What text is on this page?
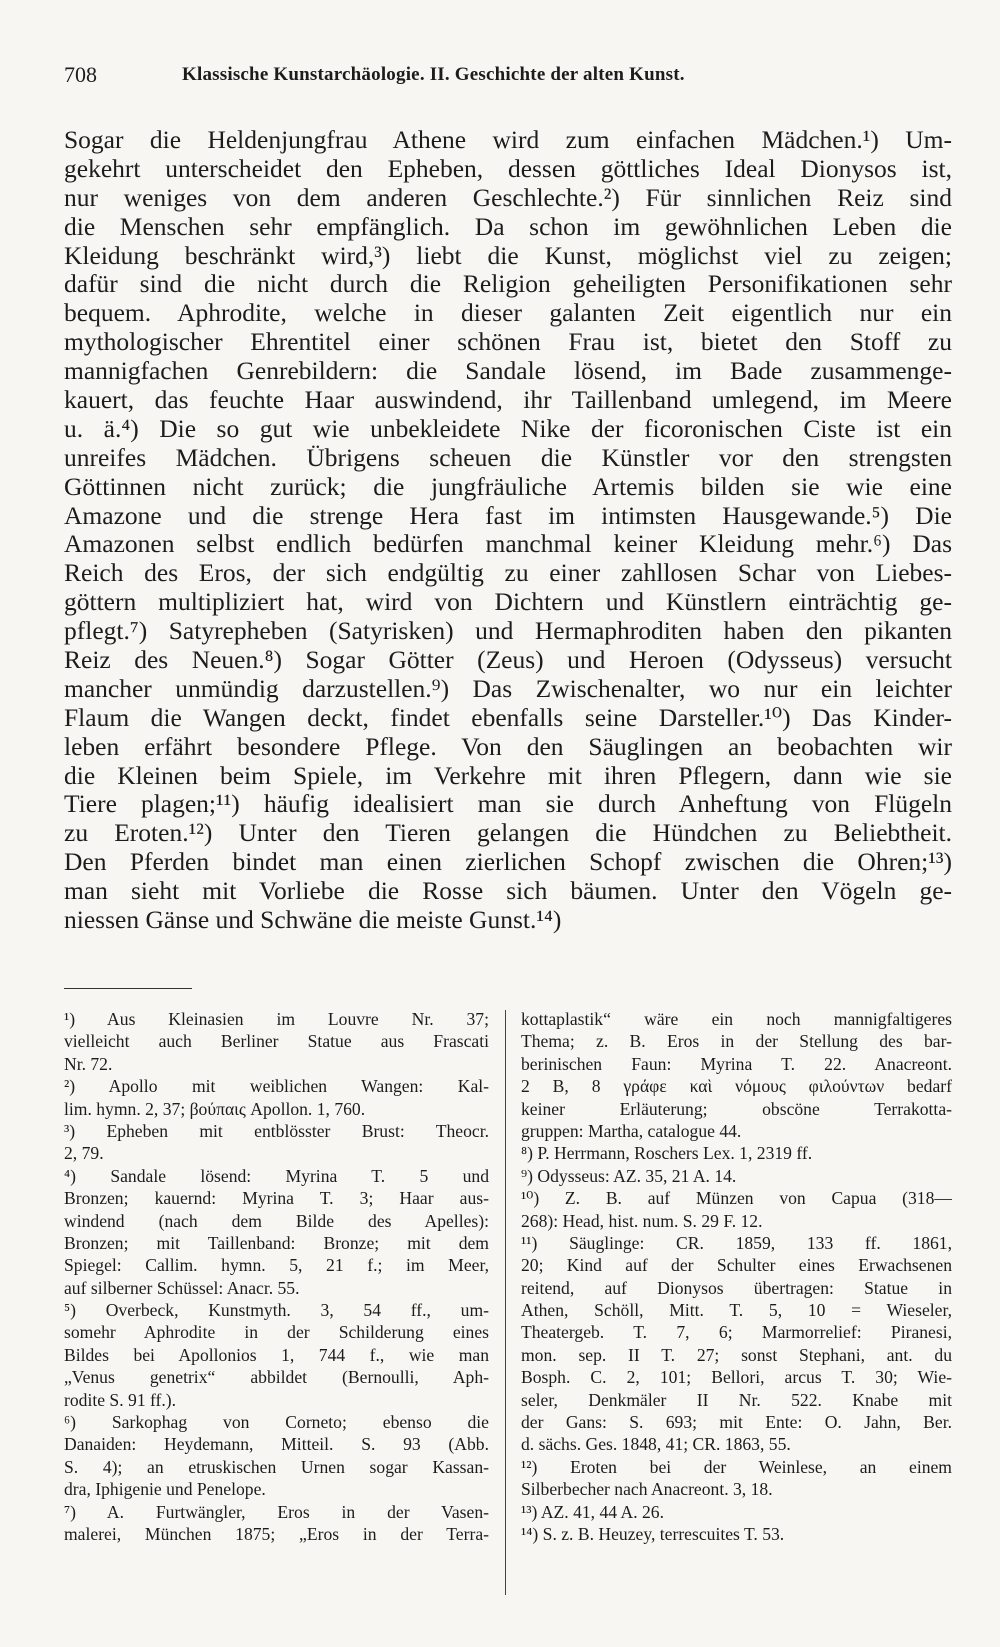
708	Klassische Kunstarchäologie. II. Geschichte der alten Kunst.
Sogar die Heldenjungfrau Athene wird zum einfachen Mädchen.¹) Um-
gekehrt unterscheidet den Epheben, dessen göttliches Ideal Dionysos ist,
nur weniges von dem anderen Geschlechte.²) Für sinnlichen Reiz sind
die Menschen sehr empfänglich. Da schon im gewöhnlichen Leben die
Kleidung beschränkt wird,³) liebt die Kunst, möglichst viel zu zeigen;
dafür sind die nicht durch die Religion geheiligten Personifikationen sehr
bequem. Aphrodite, welche in dieser galanten Zeit eigentlich nur ein
mythologischer Ehrentitel einer schönen Frau ist, bietet den Stoff zu
mannigfachen Genrebildern: die Sandale lösend, im Bade zusammenge-
kauert, das feuchte Haar auswindend, ihr Taillenband umlegend, im Meere
u. ä.⁴) Die so gut wie unbekleidete Nike der ficoronischen Ciste ist ein
unreifes Mädchen. Übrigens scheuen die Künstler vor den strengsten
Göttinnen nicht zurück; die jungfräuliche Artemis bilden sie wie eine
Amazone und die strenge Hera fast im intimsten Hausgewande.⁵) Die
Amazonen selbst endlich bedürfen manchmal keiner Kleidung mehr.⁶) Das
Reich des Eros, der sich endgültig zu einer zahllosen Schar von Liebes-
göttern multipliziert hat, wird von Dichtern und Künstlern einträchtig ge-
pflegt.⁷) Satyrepheben (Satyrisken) und Hermaphroditen haben den pikanten
Reiz des Neuen.⁸) Sogar Götter (Zeus) und Heroen (Odysseus) versucht
mancher unmündig darzustellen.⁹) Das Zwischenalter, wo nur ein leichter
Flaum die Wangen deckt, findet ebenfalls seine Darsteller.¹⁰) Das Kinder-
leben erfährt besondere Pflege. Von den Säuglingen an beobachten wir
die Kleinen beim Spiele, im Verkehre mit ihren Pflegern, dann wie sie
Tiere plagen;¹¹) häufig idealisiert man sie durch Anheftung von Flügeln
zu Eroten.¹²) Unter den Tieren gelangen die Hündchen zu Beliebtheit.
Den Pferden bindet man einen zierlichen Schopf zwischen die Ohren;¹³)
man sieht mit Vorliebe die Rosse sich bäumen. Unter den Vögeln ge-
niessen Gänse und Schwäne die meiste Gunst.¹⁴)
¹) Aus Kleinasien im Louvre Nr. 37;
vielleicht auch Berliner Statue aus Frascati
Nr. 72.
²) Apollo mit weiblichen Wangen: Kal-
lim. hymn. 2, 37; βούπαις Apollon. 1, 760.
³) Epheben mit entblösster Brust: Theocr.
2, 79.
⁴) Sandale lösend: Myrina T. 5 und
Bronzen; kauernd: Myrina T. 3; Haar aus-
windend (nach dem Bilde des Apelles):
Bronzen; mit Taillenband: Bronze; mit dem
Spiegel: Callim. hymn. 5, 21 f.; im Meer,
auf silberner Schüssel: Anacr. 55.
⁵) Overbeck, Kunstmyth. 3, 54 ff., um-
somehr Aphrodite in der Schilderung eines
Bildes bei Apollonios 1, 744 f., wie man
„Venus genetrix“ abbildet (Bernoulli, Aph-
rodite S. 91 ff.).
⁶) Sarkophag von Corneto; ebenso die
Danaiden: Heydemann, Mitteil. S. 93 (Abb.
S. 4); an etruskischen Urnen sogar Kassan-
dra, Iphigenie und Penelope.
⁷) A. Furtwängler, Eros in der Vasen-
malerei, München 1875; „Eros in der Terra-
kottaplastik“ wäre ein noch mannigfaltigeres
Thema; z. B. Eros in der Stellung des bar-
berinischen Faun: Myrina T. 22. Anacreont.
2 B, 8 γράφε καὶ νόμους φιλούντων bedarf
keiner Erläuterung; obscöne Terrakotta-
gruppen: Martha, catalogue 44.
⁸) P. Herrmann, Roschers Lex. 1, 2319 ff.
⁹) Odysseus: AZ. 35, 21 A. 14.
¹⁰) Z. B. auf Münzen von Capua (318—
268): Head, hist. num. S. 29 F. 12.
¹¹) Säuglinge: CR. 1859, 133 ff. 1861,
20; Kind auf der Schulter eines Erwachsenen
reitend, auf Dionysos übertragen: Statue in
Athen, Schöll, Mitt. T. 5, 10 = Wieseler,
Theatergeb. T. 7, 6; Marmorrelief: Piranesi,
mon. sep. II T. 27; sonst Stephani, ant. du
Bosph. C. 2, 101; Bellori, arcus T. 30; Wie-
seler, Denkmäler II Nr. 522. Knabe mit
der Gans: S. 693; mit Ente: O. Jahn, Ber.
d. sächs. Ges. 1848, 41; CR. 1863, 55.
¹²) Eroten bei der Weinlese, an einem
Silberbecher nach Anacreont. 3, 18.
¹³) AZ. 41, 44 A. 26.
¹⁴) S. z. B. Heuzey, terrescuites T. 53.
